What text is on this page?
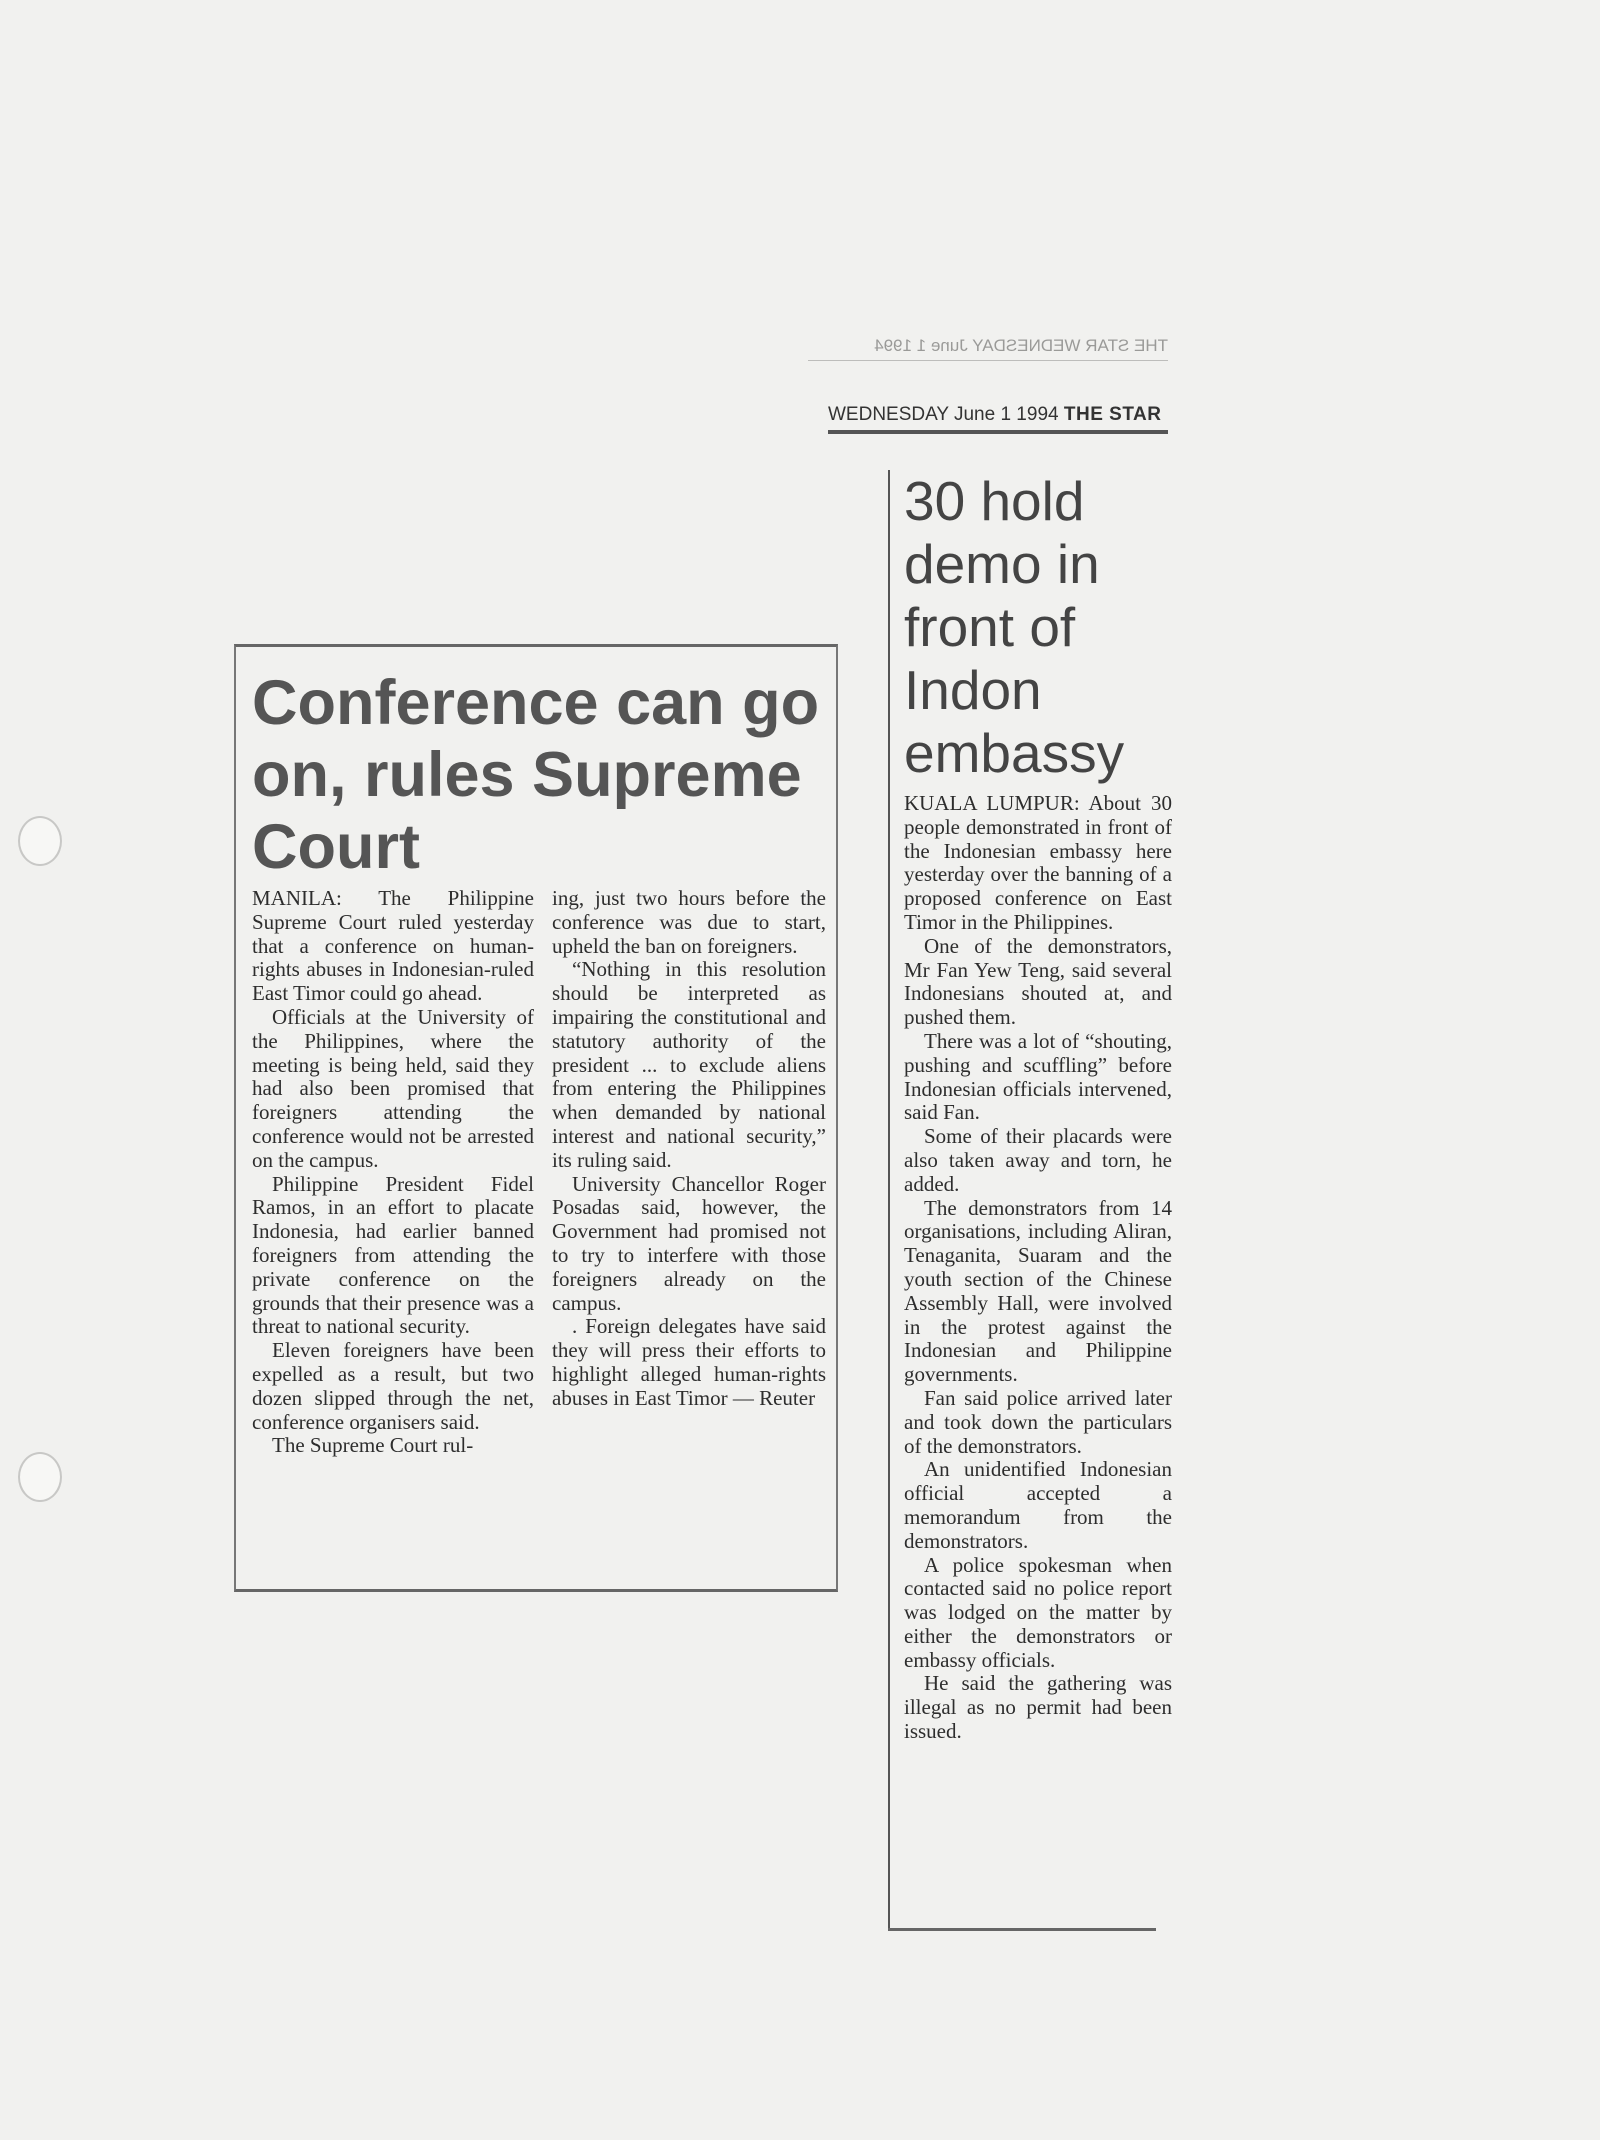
THE STAR WEDNESDAY June 1 1994
WEDNESDAY June 1 1994 THE STAR
Conference can go on, rules Supreme Court

MANILA: The Philippine Supreme Court ruled yesterday that a conference on human-rights abuses in Indonesian-ruled East Timor could go ahead.

Officials at the University of the Philippines, where the meeting is being held, said they had also been promised that foreigners attending the conference would not be arrested on the campus.

Philippine President Fidel Ramos, in an effort to placate Indonesia, had earlier banned foreigners from attending the private conference on the grounds that their presence was a threat to national security.

Eleven foreigners have been expelled as a result, but two dozen slipped through the net, conference organisers said.

The Supreme Court rul-

ing, just two hours before the conference was due to start, upheld the ban on foreigners.

“Nothing in this resolution should be interpreted as impairing the constitutional and statutory authority of the president ... to exclude aliens from entering the Philippines when demanded by national interest and national security,” its ruling said.

University Chancellor Roger Posadas said, however, the Government had promised not to try to interfere with those foreigners already on the campus.

. Foreign delegates have said they will press their efforts to highlight alleged human-rights abuses in East Timor — Reuter

30 hold demo in front of Indon embassy

KUALA LUMPUR: About 30 people demonstrated in front of the Indonesian embassy here yesterday over the banning of a proposed conference on East Timor in the Philippines.

One of the demonstrators, Mr Fan Yew Teng, said several Indonesians shouted at, and pushed them.

There was a lot of “shouting, pushing and scuffling” before Indonesian officials intervened, said Fan.

Some of their placards were also taken away and torn, he added.

The demonstrators from 14 organisations, including Aliran, Tenaganita, Suaram and the youth section of the Chinese Assembly Hall, were involved in the protest against the Indonesian and Philippine governments.

Fan said police arrived later and took down the particulars of the demonstrators.

An unidentified Indonesian official accepted a memorandum from the demonstrators.

A police spokesman when contacted said no police report was lodged on the matter by either the demonstrators or embassy officials.

He said the gathering was illegal as no permit had been issued.
